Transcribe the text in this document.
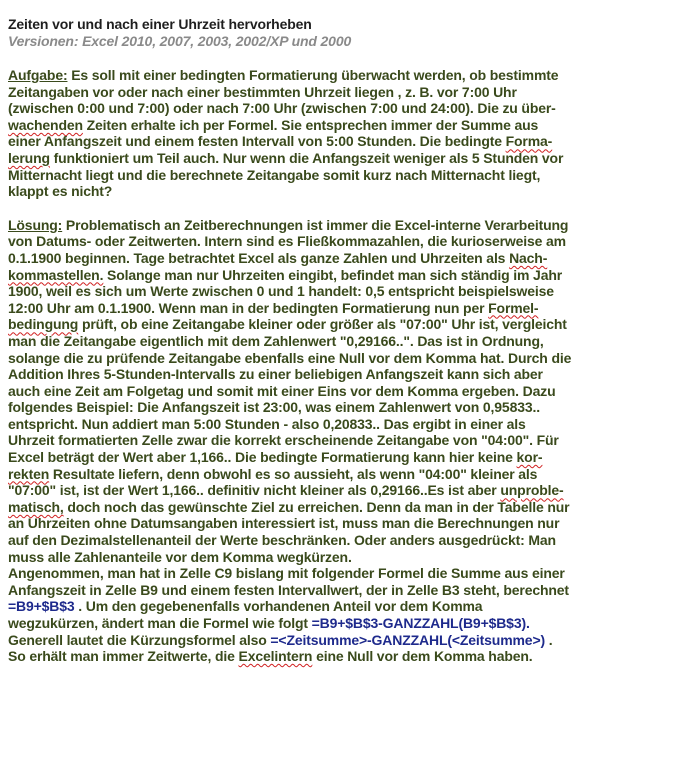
Zeiten vor und nach einer Uhrzeit hervorheben
Versionen: Excel 2010, 2007, 2003, 2002/XP und 2000
Aufgabe: Es soll mit einer bedingten Formatierung überwacht werden, ob bestimmte
Zeitangaben vor oder nach einer bestimmten Uhrzeit liegen , z. B. vor 7:00 Uhr
(zwischen 0:00 und 7:00) oder nach 7:00 Uhr (zwischen 7:00 und 24:00). Die zu über-
wachenden Zeiten erhalte ich per Formel. Sie entsprechen immer der Summe aus
einer Anfangszeit und einem festen Intervall von 5:00 Stunden. Die bedingte Forma-
lerung funktioniert um Teil auch. Nur wenn die Anfangszeit weniger als 5 Stunden vor
Mitternacht liegt und die berechnete Zeitangabe somit kurz nach Mitternacht liegt,
klappt es nicht?
Lösung: Problematisch an Zeitberechnungen ist immer die Excel-interne Verarbeitung
von Datums- oder Zeitwerten. Intern sind es Fließkommazahlen, die kurioserweise am
0.1.1900 beginnen. Tage betrachtet Excel als ganze Zahlen und Uhrzeiten als Nach-
kommastellen. Solange man nur Uhrzeiten eingibt, befindet man sich ständig im Jahr
1900, weil es sich um Werte zwischen 0 und 1 handelt: 0,5 entspricht beispielsweise
12:00 Uhr am 0.1.1900. Wenn man in der bedingten Formatierung nun per Formel-
bedingung prüft, ob eine Zeitangabe kleiner oder größer als "07:00" Uhr ist, vergleicht
man die Zeitangabe eigentlich mit dem Zahlenwert "0,29166..". Das ist in Ordnung,
solange die zu prüfende Zeitangabe ebenfalls eine Null vor dem Komma hat. Durch die
Addition Ihres 5-Stunden-Intervalls zu einer beliebigen Anfangszeit kann sich aber
auch eine Zeit am Folgetag und somit mit einer Eins vor dem Komma ergeben. Dazu
folgendes Beispiel: Die Anfangszeit ist 23:00, was einem Zahlenwert von 0,95833..
entspricht. Nun addiert man 5:00 Stunden - also 0,20833.. Das ergibt in einer als
Uhrzeit formatierten Zelle zwar die korrekt erscheinende Zeitangabe von "04:00". Für
Excel beträgt der Wert aber 1,166.. Die bedingte Formatierung kann hier keine kor-
rekten Resultate liefern, denn obwohl es so aussieht, als wenn "04:00" kleiner als
"07:00" ist, ist der Wert 1,166.. definitiv nicht kleiner als 0,29166..Es ist aber unproble-
matisch, doch noch das gewünschte Ziel zu erreichen. Denn da man in der Tabelle nur
an Uhrzeiten ohne Datumsangaben interessiert ist, muss man die Berechnungen nur
auf den Dezimalstellenanteil der Werte beschränken. Oder anders ausgedrückt: Man
muss alle Zahlenanteile vor dem Komma wegkürzen.
Angenommen, man hat in Zelle C9 bislang mit folgender Formel die Summe aus einer
Anfangszeit in Zelle B9 und einem festen Intervallwert, der in Zelle B3 steht, berechnet
=B9+$B$3 . Um den gegebenenfalls vorhandenen Anteil vor dem Komma
wegzukürzen, ändert man die Formel wie folgt =B9+$B$3-GANZZAHL(B9+$B$3).
Generell lautet die Kürzungsformel also =<Zeitsumme>-GANZZAHL(<Zeitsumme>) .
So erhält man immer Zeitwerte, die Excelintern eine Null vor dem Komma haben.
